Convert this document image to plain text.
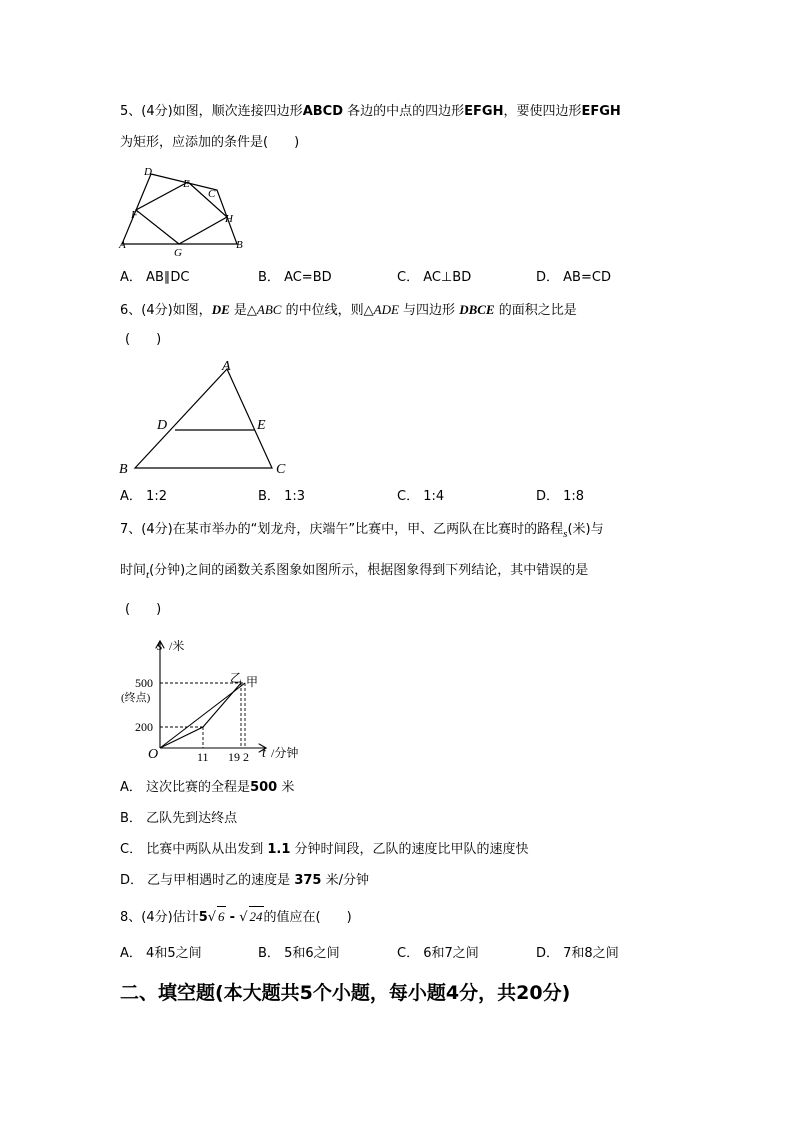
5、(4分)如图，顺次连接四边形ABCD 各边的中点的四边形EFGH，要使四边形EFGH
为矩形，应添加的条件是(　　)
A	B
C
D
E
F
G
H
A． AB∥DC	B． AC=BD	C． AC⊥BD	D． AB=CD
6、(4分)如图，DE 是△ABC 的中位线，则△ADE 与四边形 DBCE 的面积之比是
(　　)
A
B	C
D	E
A． 1:2	B． 1:3	C． 1:4	D． 1:8
7、(4分)在某市举办的“划龙舟，庆端午”比赛中，甲、乙两队在比赛时的路程$_s$(米)与
时间$_t$(分钟)之间的函数关系图象如图所示，根据图象得到下列结论，其中错误的是
(　　)
s /米
t /分钟
O
500
(终点)
200
11 19 2
乙 甲
A． 这次比赛的全程是500 米
B． 乙队先到达终点
C． 比赛中两队从出发到 1.1 分钟时间段，乙队的速度比甲队的速度快
D． 乙与甲相遇时乙的速度是 375 米/分钟
8、(4分)估计5√ 6 - √ 24的值应在(　　)
A． 4和5之间	B． 5和6之间	C． 6和7之间	D． 7和8之间
二、填空题(本大题共5个小题，每小题4分，共20分)
